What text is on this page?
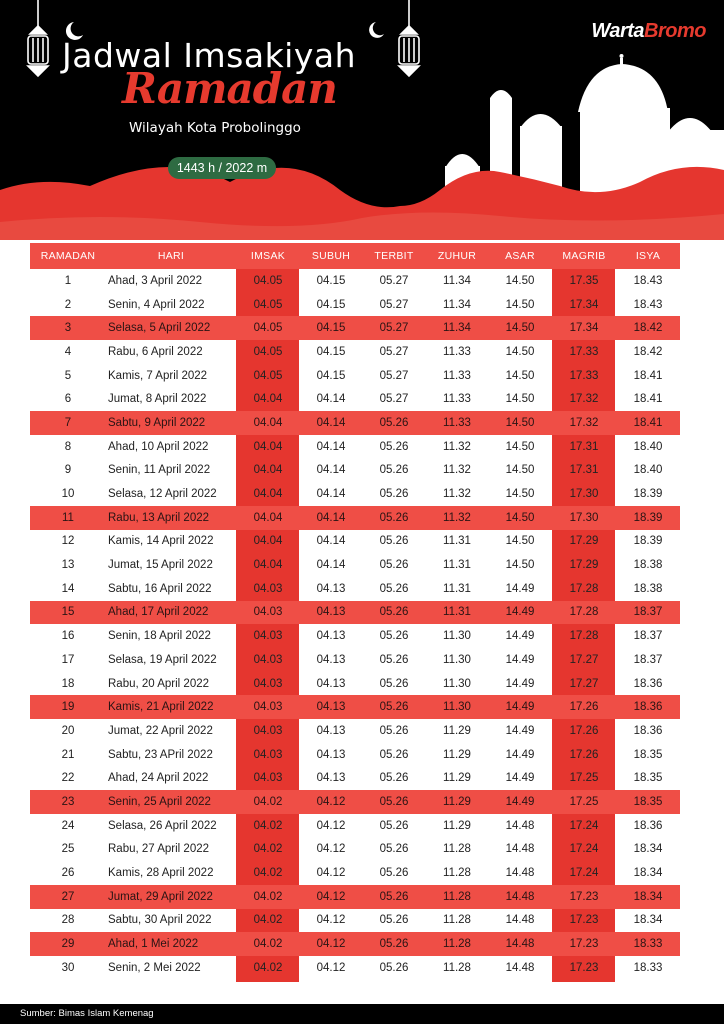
WartaBromo
Jadwal Imsakiyah
Ramadan
Wilayah Kota Probolinggo
1443 h / 2022 m
RAMADAN	HARI	IMSAK	SUBUH	TERBIT	ZUHUR	ASAR	MAGRIB	ISYA
1	Ahad, 3 April 2022	04.05	04.15	05.27	11.34	14.50	17.35	18.43
2	Senin, 4 April 2022	04.05	04.15	05.27	11.34	14.50	17.34	18.43
3	Selasa, 5 April 2022	04.05	04.15	05.27	11.34	14.50	17.34	18.42
4	Rabu, 6 April 2022	04.05	04.15	05.27	11.33	14.50	17.33	18.42
5	Kamis, 7 April 2022	04.05	04.15	05.27	11.33	14.50	17.33	18.41
6	Jumat, 8 April 2022	04.04	04.14	05.27	11.33	14.50	17.32	18.41
7	Sabtu, 9 April 2022	04.04	04.14	05.26	11.33	14.50	17.32	18.41
8	Ahad, 10 April 2022	04.04	04.14	05.26	11.32	14.50	17.31	18.40
9	Senin, 11 April 2022	04.04	04.14	05.26	11.32	14.50	17.31	18.40
10	Selasa, 12 April 2022	04.04	04.14	05.26	11.32	14.50	17.30	18.39
11	Rabu, 13 April 2022	04.04	04.14	05.26	11.32	14.50	17.30	18.39
12	Kamis, 14 April 2022	04.04	04.14	05.26	11.31	14.50	17.29	18.39
13	Jumat, 15 April 2022	04.04	04.14	05.26	11.31	14.50	17.29	18.38
14	Sabtu, 16 April 2022	04.03	04.13	05.26	11.31	14.49	17.28	18.38
15	Ahad, 17 April 2022	04.03	04.13	05.26	11.31	14.49	17.28	18.37
16	Senin, 18 April 2022	04.03	04.13	05.26	11.30	14.49	17.28	18.37
17	Selasa, 19 April 2022	04.03	04.13	05.26	11.30	14.49	17.27	18.37
18	Rabu, 20 April 2022	04.03	04.13	05.26	11.30	14.49	17.27	18.36
19	Kamis, 21 April 2022	04.03	04.13	05.26	11.30	14.49	17.26	18.36
20	Jumat, 22 April 2022	04.03	04.13	05.26	11.29	14.49	17.26	18.36
21	Sabtu, 23 APril 2022	04.03	04.13	05.26	11.29	14.49	17.26	18.35
22	Ahad, 24 April 2022	04.03	04.13	05.26	11.29	14.49	17.25	18.35
23	Senin, 25 April 2022	04.02	04.12	05.26	11.29	14.49	17.25	18.35
24	Selasa, 26 April 2022	04.02	04.12	05.26	11.29	14.48	17.24	18.36
25	Rabu, 27 April 2022	04.02	04.12	05.26	11.28	14.48	17.24	18.34
26	Kamis, 28 April 2022	04.02	04.12	05.26	11.28	14.48	17.24	18.34
27	Jumat, 29 April 2022	04.02	04.12	05.26	11.28	14.48	17.23	18.34
28	Sabtu, 30 April 2022	04.02	04.12	05.26	11.28	14.48	17.23	18.34
29	Ahad, 1 Mei 2022	04.02	04.12	05.26	11.28	14.48	17.23	18.33
30	Senin, 2 Mei 2022	04.02	04.12	05.26	11.28	14.48	17.23	18.33
Sumber: Bimas Islam Kemenag
